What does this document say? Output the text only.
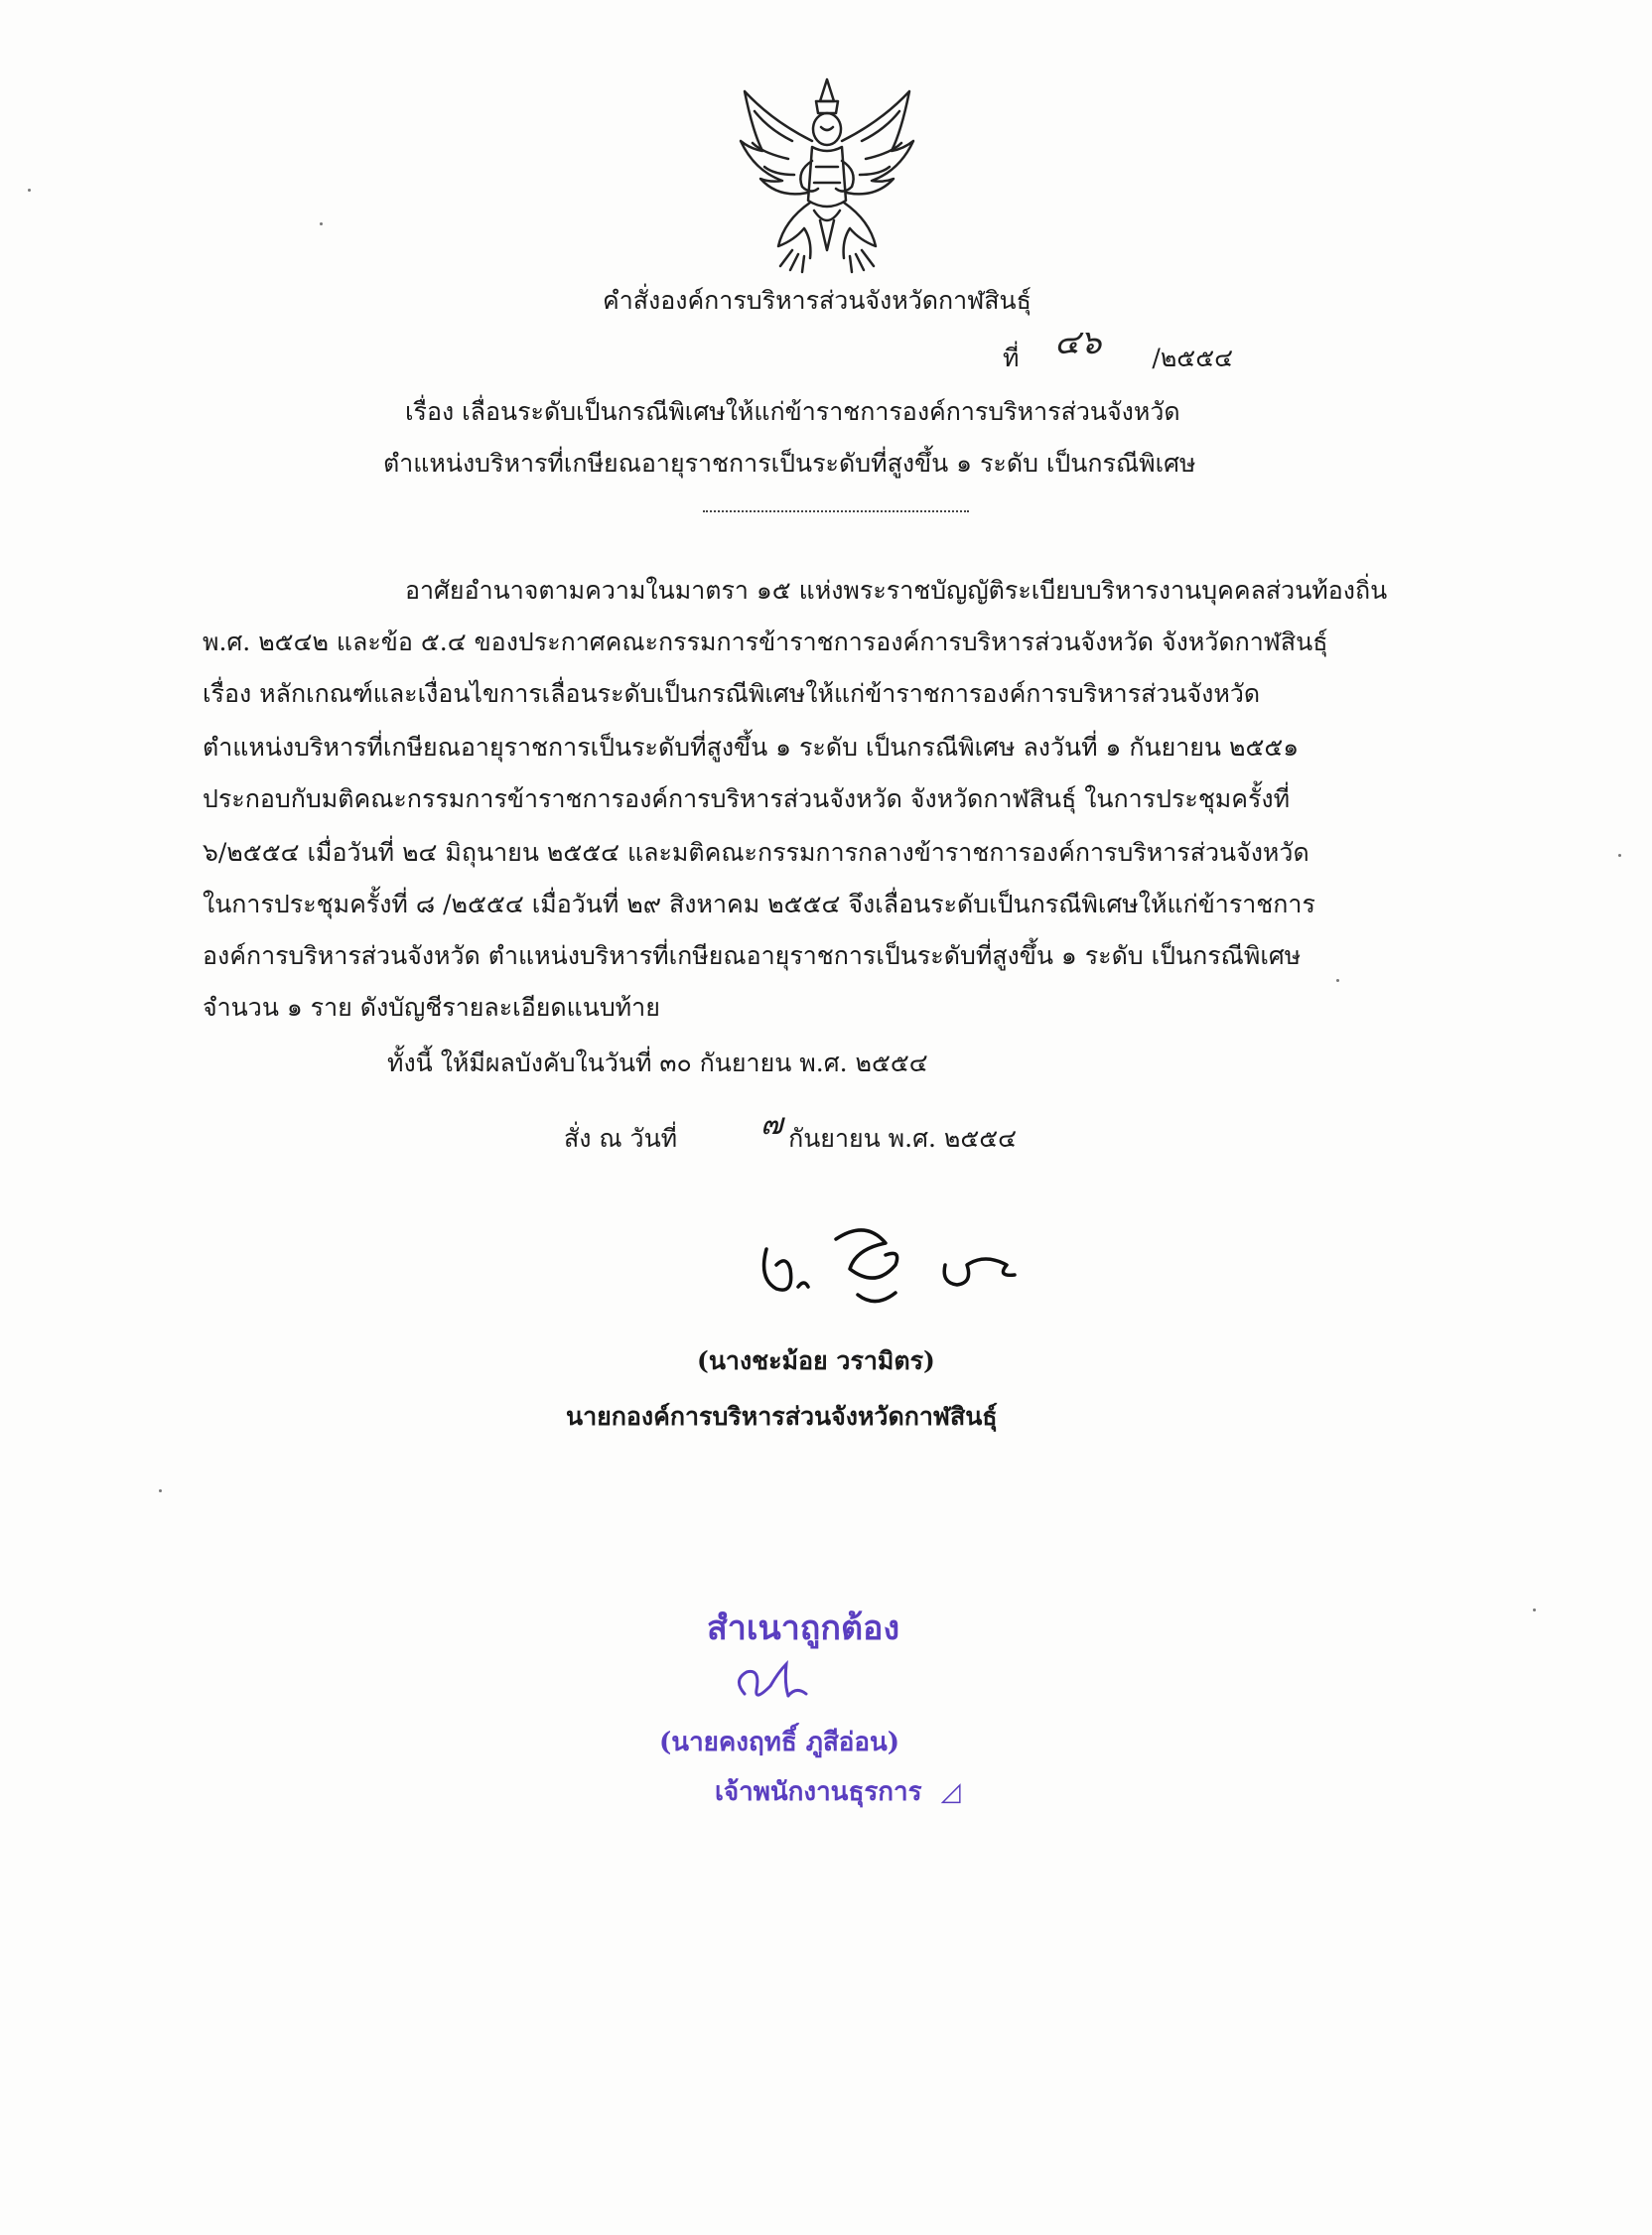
คำสั่งองค์การบริหารส่วนจังหวัดกาฬสินธุ์
ที่ ๔๖	/๒๕๕๔
เรื่อง เลื่อนระดับเป็นกรณีพิเศษให้แก่ข้าราชการองค์การบริหารส่วนจังหวัด
ตำแหน่งบริหารที่เกษียณอายุราชการเป็นระดับที่สูงขึ้น ๑ ระดับ เป็นกรณีพิเศษ
อาศัยอำนาจตามความในมาตรา ๑๕ แห่งพระราชบัญญัติระเบียบบริหารงานบุคคลส่วนท้องถิ่น
พ.ศ. ๒๕๔๒ และข้อ ๕.๔ ของประกาศคณะกรรมการข้าราชการองค์การบริหารส่วนจังหวัด จังหวัดกาฬสินธุ์
เรื่อง หลักเกณฑ์และเงื่อนไขการเลื่อนระดับเป็นกรณีพิเศษให้แก่ข้าราชการองค์การบริหารส่วนจังหวัด
ตำแหน่งบริหารที่เกษียณอายุราชการเป็นระดับที่สูงขึ้น ๑ ระดับ เป็นกรณีพิเศษ ลงวันที่ ๑ กันยายน ๒๕๕๑
ประกอบกับมติคณะกรรมการข้าราชการองค์การบริหารส่วนจังหวัด จังหวัดกาฬสินธุ์ ในการประชุมครั้งที่
๖/๒๕๕๔ เมื่อวันที่ ๒๔ มิถุนายน ๒๕๕๔ และมติคณะกรรมการกลางข้าราชการองค์การบริหารส่วนจังหวัด
ในการประชุมครั้งที่ ๘ /๒๕๕๔ เมื่อวันที่ ๒๙ สิงหาคม ๒๕๕๔ จึงเลื่อนระดับเป็นกรณีพิเศษให้แก่ข้าราชการ
องค์การบริหารส่วนจังหวัด ตำแหน่งบริหารที่เกษียณอายุราชการเป็นระดับที่สูงขึ้น ๑ ระดับ เป็นกรณีพิเศษ
จำนวน ๑ ราย ดังบัญชีรายละเอียดแนบท้าย
ทั้งนี้ ให้มีผลบังคับในวันที่ ๓๐ กันยายน พ.ศ. ๒๕๕๔
สั่ง ณ วันที่	๗ กันยายน พ.ศ. ๒๕๕๔
(นางชะม้อย วรามิตร)
นายกองค์การบริหารส่วนจังหวัดกาฬสินธุ์
สำเนาถูกต้อง
(นายคงฤทธิ์ ภูสีอ่อน)
เจ้าพนักงานธุรการ ◿
